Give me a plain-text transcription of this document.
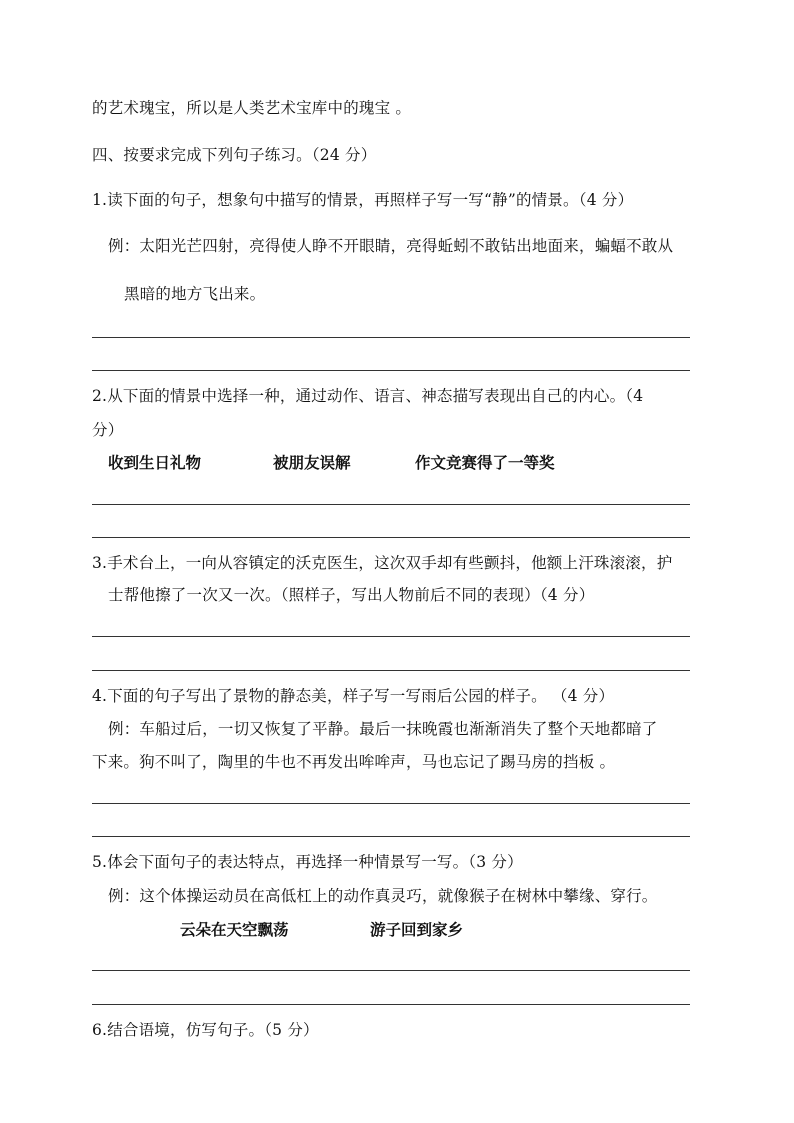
的艺术瑰宝，所以是人类艺术宝库中的瑰宝 。
四、按要求完成下列句子练习。（24 分）
1.读下面的句子，想象句中描写的情景，再照样子写一写“静”的情景。（4 分）
例：太阳光芒四射，亮得使人睁不开眼睛，亮得蚯蚓不敢钻出地面来，蝙蝠不敢从
黑暗的地方飞出来。
2.从下面的情景中选择一种，通过动作、语言、神态描写表现出自己的内心。（4
分）
收到生日礼物	被朋友误解	作文竞赛得了一等奖
3.手术台上，一向从容镇定的沃克医生，这次双手却有些颤抖，他额上汗珠滚滚，护
士帮他擦了一次又一次。（照样子，写出人物前后不同的表现）（4 分）
4.下面的句子写出了景物的静态美，样子写一写雨后公园的样子。 （4 分）
例：车船过后，一切又恢复了平静。最后一抹晚霞也渐渐消失了整个天地都暗了
下来。狗不叫了，陶里的牛也不再发出哞哞声，马也忘记了踢马房的挡板 。
5.体会下面句子的表达特点，再选择一种情景写一写。（3 分）
例：这个体操运动员在高低杠上的动作真灵巧，就像猴子在树林中攀缘、穿行。
云朵在天空飘荡	游子回到家乡
6.结合语境，仿写句子。（5 分）
